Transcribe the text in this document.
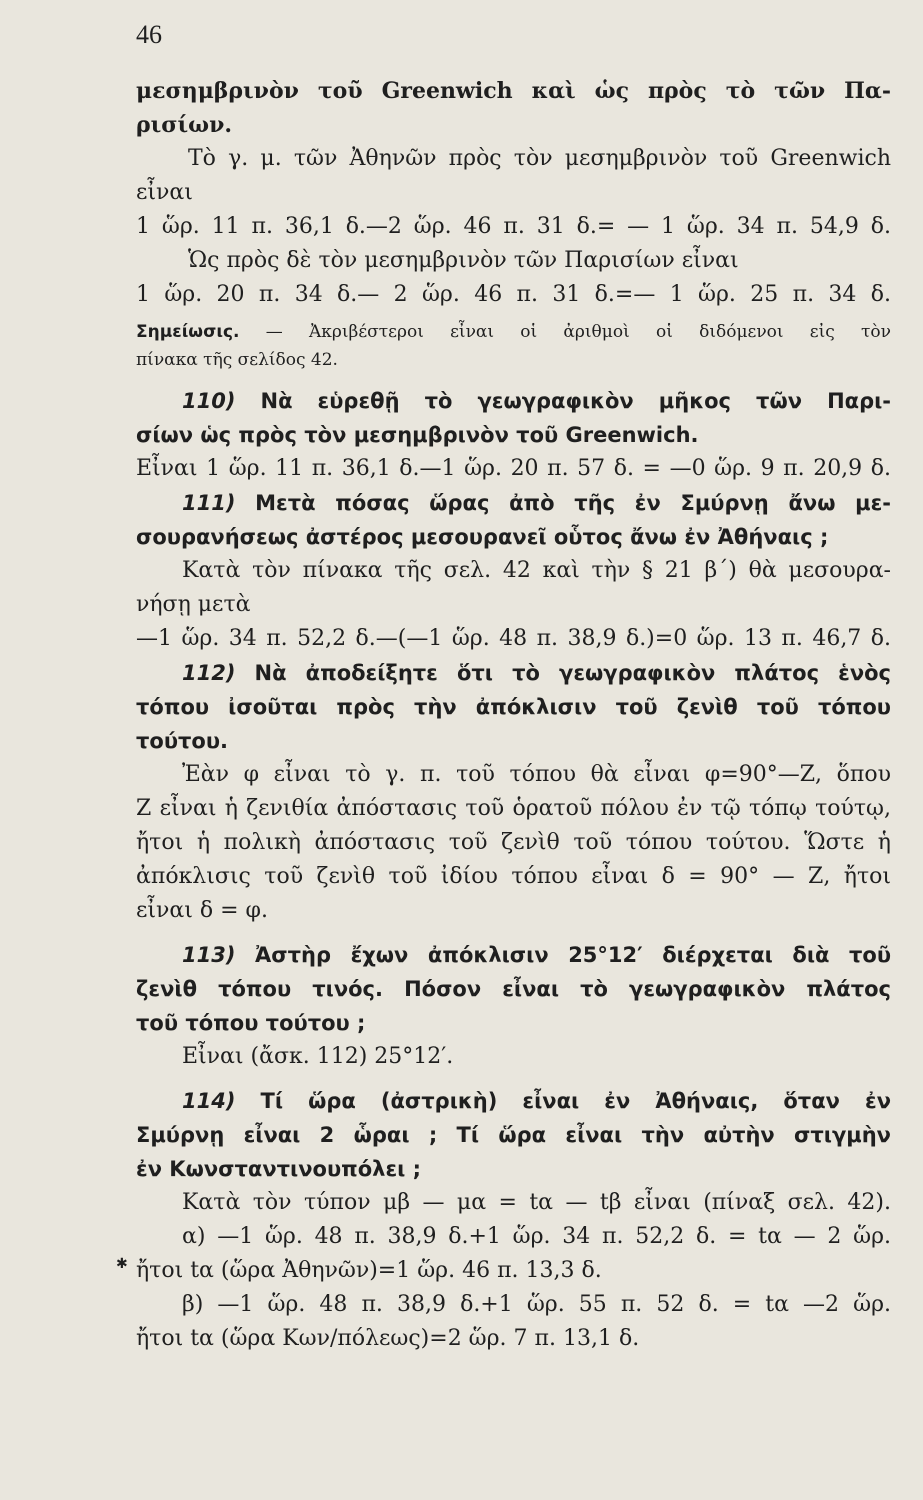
46
μεσημβρινὸν τοῦ Greenwich καὶ ὡς πρὸς τὸ τῶν Πα-
ρισίων.
Τὸ γ. μ. τῶν Ἀθηνῶν πρὸς τὸν μεσημβρινὸν τοῦ Greenwich
εἶναι
1 ὥρ. 11 π. 36,1 δ.—2 ὥρ. 46 π. 31 δ.= — 1 ὥρ. 34 π. 54,9 δ.
Ὡς πρὸς δὲ τὸν μεσημβρινὸν τῶν Παρισίων εἶναι
1 ὥρ. 20 π. 34 δ.— 2 ὥρ. 46 π. 31 δ.=— 1 ὥρ. 25 π. 34 δ.
Σημείωσις. — Ἀκριβέστεροι εἶναι οἱ ἀριθμοὶ οἱ διδόμενοι εἰς τὸν
πίνακα τῆς σελίδος 42.
110) Νὰ εὑρεθῇ τὸ γεωγραφικὸν μῆκος τῶν Παρι-
σίων ὡς πρὸς τὸν μεσημβρινὸν τοῦ Greenwich.
Εἶναι 1 ὥρ. 11 π. 36,1 δ.—1 ὥρ. 20 π. 57 δ. = —0 ὥρ. 9 π. 20,9 δ.
111) Μετὰ πόσας ὥρας ἀπὸ τῆς ἐν Σμύρνῃ ἄνω με-
σουρανήσεως ἀστέρος μεσουρανεῖ οὗτος ἄνω ἐν Ἀθήναις ;
Κατὰ τὸν πίνακα τῆς σελ. 42 καὶ τὴν § 21 β΄) θὰ μεσουρα-
νήσῃ μετὰ
—1 ὥρ. 34 π. 52,2 δ.—(—1 ὥρ. 48 π. 38,9 δ.)=0 ὥρ. 13 π. 46,7 δ.
112) Νὰ ἀποδείξητε ὅτι τὸ γεωγραφικὸν πλάτος ἑνὸς
τόπου ἰσοῦται πρὸς τὴν ἀπόκλισιν τοῦ ζενὶθ τοῦ τόπου
τούτου.
Ἐὰν φ εἶναι τὸ γ. π. τοῦ τόπου θὰ εἶναι φ=90°—Ζ, ὅπου
Ζ εἶναι ἡ ζενιθία ἀπόστασις τοῦ ὁρατοῦ πόλου ἐν τῷ τόπῳ τούτῳ,
ἤτοι ἡ πολικὴ ἀπόστασις τοῦ ζενὶθ τοῦ τόπου τούτου. Ὥστε ἡ
ἀπόκλισις τοῦ ζενὶθ τοῦ ἰδίου τόπου εἶναι δ = 90° — Ζ, ἤτοι
εἶναι δ = φ.
113) Ἀστὴρ ἔχων ἀπόκλισιν 25°12′ διέρχεται διὰ τοῦ
ζενὶθ τόπου τινός. Πόσον εἶναι τὸ γεωγραφικὸν πλάτος
τοῦ τόπου τούτου ;
Εἶναι (ἄσκ. 112) 25°12′.
114) Τί ὥρα (ἀστρικὴ) εἶναι ἐν Ἀθήναις, ὅταν ἐν
Σμύρνῃ εἶναι 2 ὧραι ; Τί ὥρα εἶναι τὴν αὐτὴν στιγμὴν
ἐν Κωνσταντινουπόλει ;
Κατὰ τὸν τύπον μβ — μα = tα — tβ εἶναι (πίναξ σελ. 42).
α) —1 ὥρ. 48 π. 38,9 δ.+1 ὥρ. 34 π. 52,2 δ. = tα — 2 ὥρ.
ἤτοι tα (ὥρα Ἀθηνῶν)=1 ὥρ. 46 π. 13,3 δ.
β) —1 ὥρ. 48 π. 38,9 δ.+1 ὥρ. 55 π. 52 δ. = tα —2 ὥρ.
ἤτοι tα (ὥρα Κων/πόλεως)=2 ὥρ. 7 π. 13,1 δ.
✱
